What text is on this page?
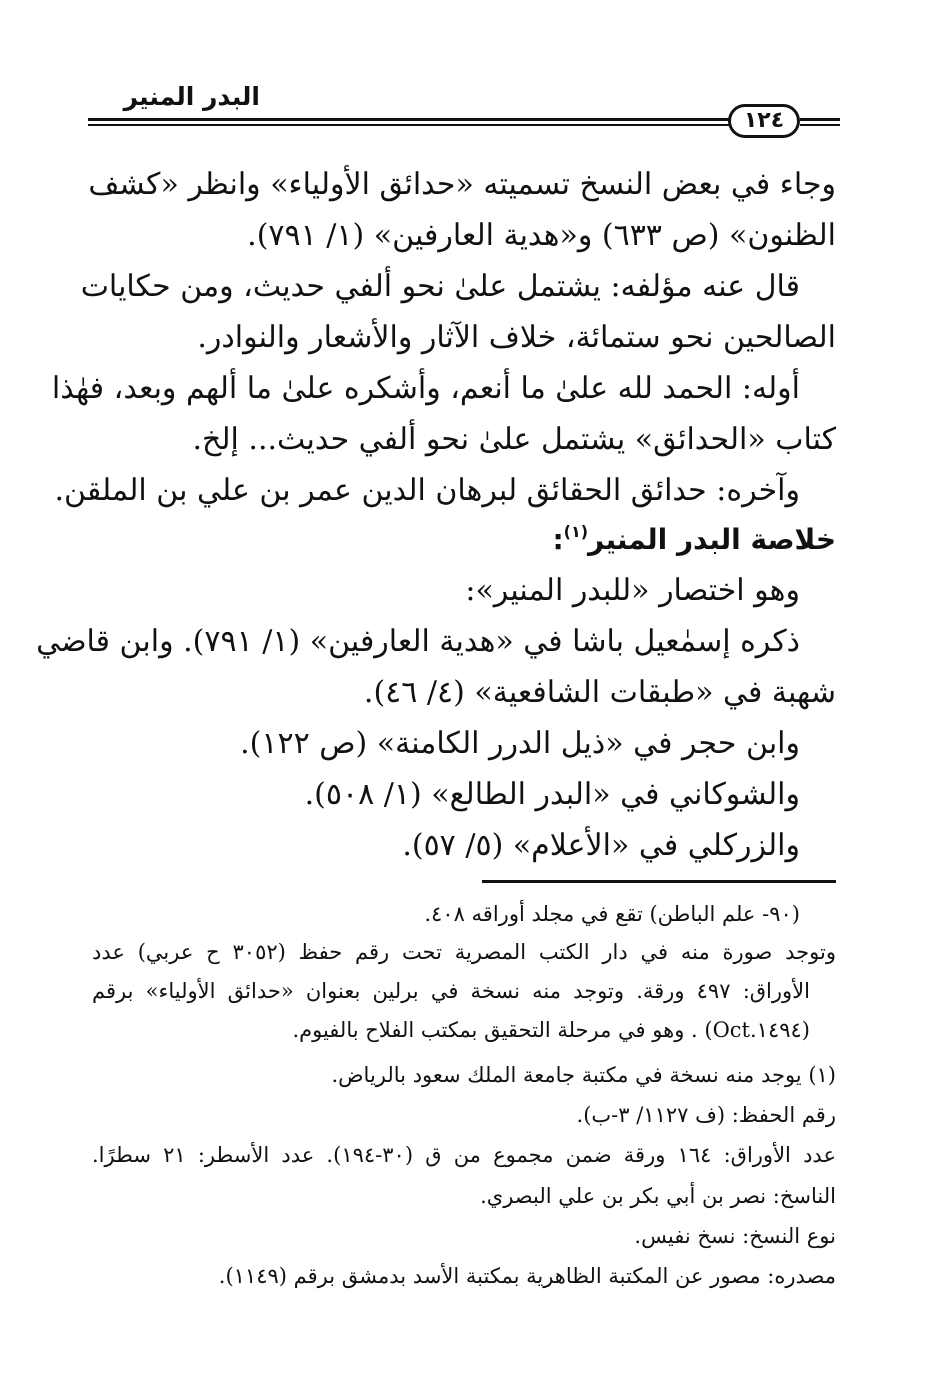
البدر المنير
١٢٤
وجاء في بعض النسخ تسميته «حدائق الأولياء» وانظر «كشف
الظنون» (ص ٦٣٣) و«هدية العارفين» (١/ ٧٩١).
قال عنه مؤلفه: يشتمل علىٰ نحو ألفي حديث، ومن حكايات
الصالحين نحو ستمائة، خلاف الآثار والأشعار والنوادر.
أوله: الحمد لله علىٰ ما أنعم، وأشكره علىٰ ما ألهم وبعد، فهٰذا
كتاب «الحدائق» يشتمل علىٰ نحو ألفي حديث... إلخ.
وآخره: حدائق الحقائق لبرهان الدين عمر بن علي بن الملقن.
خلاصة البدر المنير$^{(١)}$:
وهو اختصار «للبدر المنير»:
ذكره إسمٰعيل باشا في «هدية العارفين» (١/ ٧٩١). وابن قاضي
شهبة في «طبقات الشافعية» (٤/ ٤٦).
وابن حجر في «ذيل الدرر الكامنة» (ص ١٢٢).
والشوكاني في «البدر الطالع» (١/ ٥٠٨).
والزركلي في «الأعلام» (٥/ ٥٧).
(٩٠- علم الباطن) تقع في مجلد أوراقه ٤٠٨.
وتوجد صورة منه في دار الكتب المصرية تحت رقم حفظ (٣٠٥٢ ح عربي) عدد
الأوراق: ٤٩٧ ورقة. وتوجد منه نسخة في برلين بعنوان «حدائق الأولياء» برقم
(١٤٩٤.Oct) . وهو في مرحلة التحقيق بمكتب الفلاح بالفيوم.
(١) يوجد منه نسخة في مكتبة جامعة الملك سعود بالرياض.
رقم الحفظ: (ف ١١٢٧/ ٣-ب).
عدد الأوراق: ١٦٤ ورقة ضمن مجموع من ق (٣٠-١٩٤). عدد الأسطر: ٢١ سطرًا.
الناسخ: نصر بن أبي بكر بن علي البصري.
نوع النسخ: نسخ نفيس.
مصدره: مصور عن المكتبة الظاهرية بمكتبة الأسد بدمشق برقم (١١٤٩).
